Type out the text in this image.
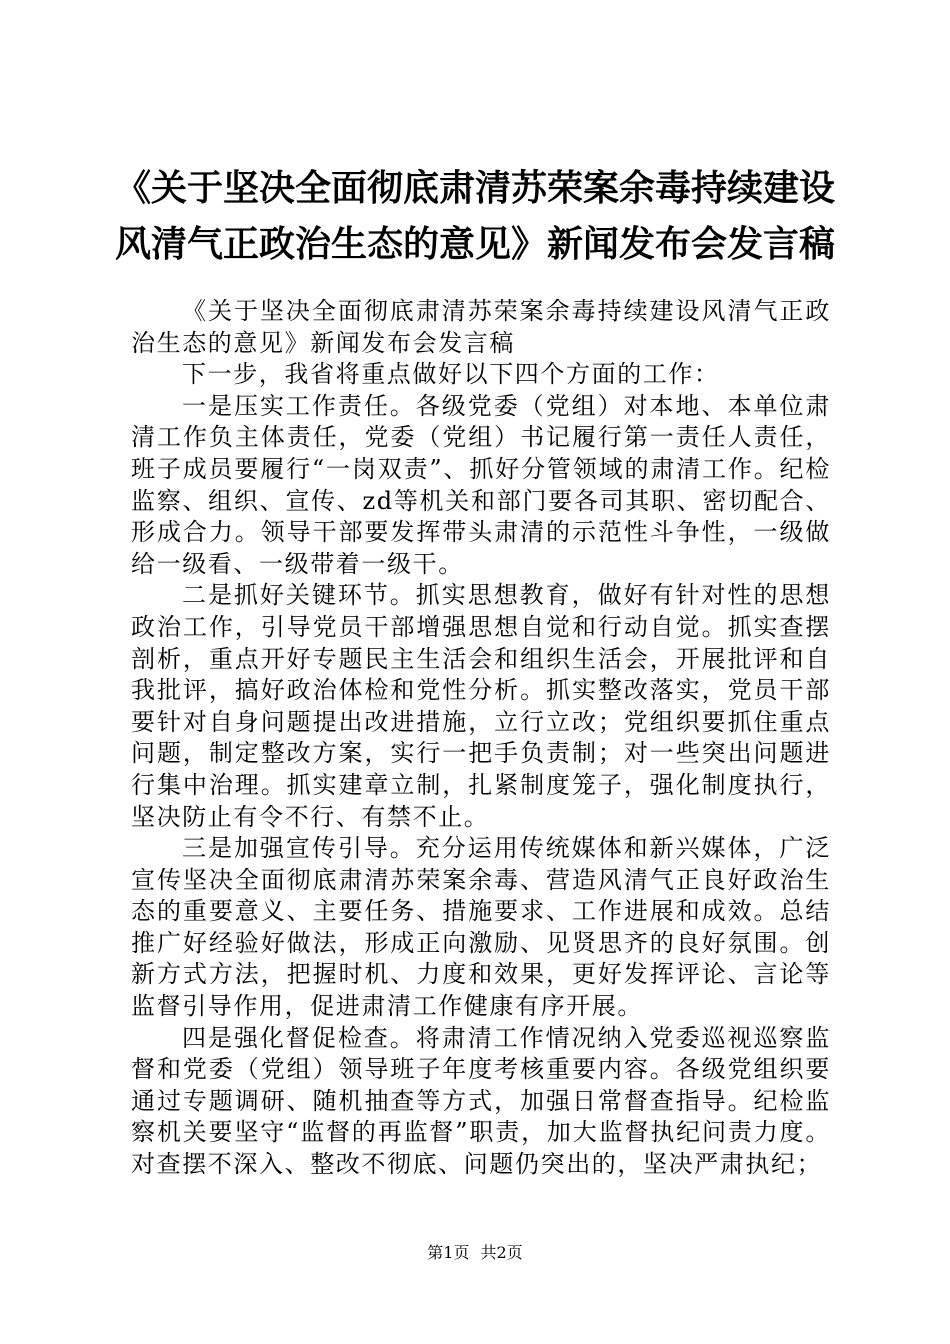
《关于坚决全面彻底肃清苏荣案余毒持续建设
风清气正政治生态的意见》新闻发布会发言稿

《关于坚决全面彻底肃清苏荣案余毒持续建设风清气正政治生态的意见》新闻发布会发言稿

下一步，我省将重点做好以下四个方面的工作：

一是压实工作责任。各级党委（党组）对本地、本单位肃清工作负主体责任，党委（党组）书记履行第一责任人责任，班子成员要履行“一岗双责”、抓好分管领域的肃清工作。纪检监察、组织、宣传、zd等机关和部门要各司其职、密切配合、形成合力。领导干部要发挥带头肃清的示范性斗争性，一级做给一级看、一级带着一级干。

二是抓好关键环节。抓实思想教育，做好有针对性的思想政治工作，引导党员干部增强思想自觉和行动自觉。抓实查摆剖析，重点开好专题民主生活会和组织生活会，开展批评和自我批评，搞好政治体检和党性分析。抓实整改落实，党员干部要针对自身问题提出改进措施，立行立改；党组织要抓住重点问题，制定整改方案，实行一把手负责制；对一些突出问题进行集中治理。抓实建章立制，扎紧制度笼子，强化制度执行，坚决防止有令不行、有禁不止。

三是加强宣传引导。充分运用传统媒体和新兴媒体，广泛宣传坚决全面彻底肃清苏荣案余毒、营造风清气正良好政治生态的重要意义、主要任务、措施要求、工作进展和成效。总结推广好经验好做法，形成正向激励、见贤思齐的良好氛围。创新方式方法，把握时机、力度和效果，更好发挥评论、言论等监督引导作用，促进肃清工作健康有序开展。

四是强化督促检查。将肃清工作情况纳入党委巡视巡察监督和党委（党组）领导班子年度考核重要内容。各级党组织要通过专题调研、随机抽查等方式，加强日常督查指导。纪检监察机关要坚守“监督的再监督”职责，加大监督执纪问责力度。对查摆不深入、整改不彻底、问题仍突出的，坚决严肃执纪；

第1页 共2页
